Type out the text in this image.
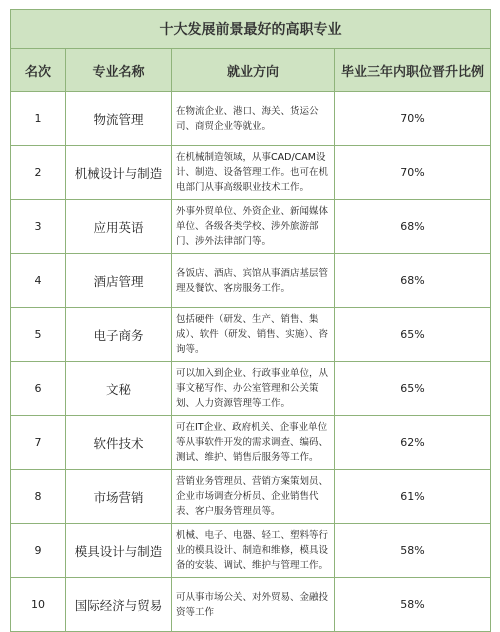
十大发展前景最好的高职专业			
名次	专业名称	就业方向	毕业三年内职位晋升比例
1	物流管理	在物流企业、港口、海关、货运公司、商贸企业等就业。	70%
2	机械设计与制造	在机械制造领域，从事CAD/CAM设计、制造、设备管理工作。也可在机电部门从事高级职业技术工作。	70%
3	应用英语	外事外贸单位、外资企业、新闻媒体单位、各级各类学校、涉外旅游部门、涉外法律部门等。	68%
4	酒店管理	各饭店、酒店、宾馆从事酒店基层管理及餐饮、客房服务工作。	68%
5	电子商务	包括硬件（研发、生产、销售、集成）、软件（研发、销售、实施）、咨询等。	65%
6	文秘	可以加入到企业、行政事业单位，从事文秘写作、办公室管理和公关策划、人力资源管理等工作。	65%
7	软件技术	可在IT企业、政府机关、企事业单位等从事软件开发的需求调查、编码、测试、维护、销售后服务等工作。	62%
8	市场营销	营销业务管理员、营销方案策划员、企业市场调查分析员、企业销售代表、客户服务管理员等。	61%
9	模具设计与制造	机械、电子、电器、轻工、塑料等行业的模具设计、制造和维修，模具设备的安装、调试、维护与管理工作。	58%
10	国际经济与贸易	可从事市场公关、对外贸易、金融投资等工作	58%
